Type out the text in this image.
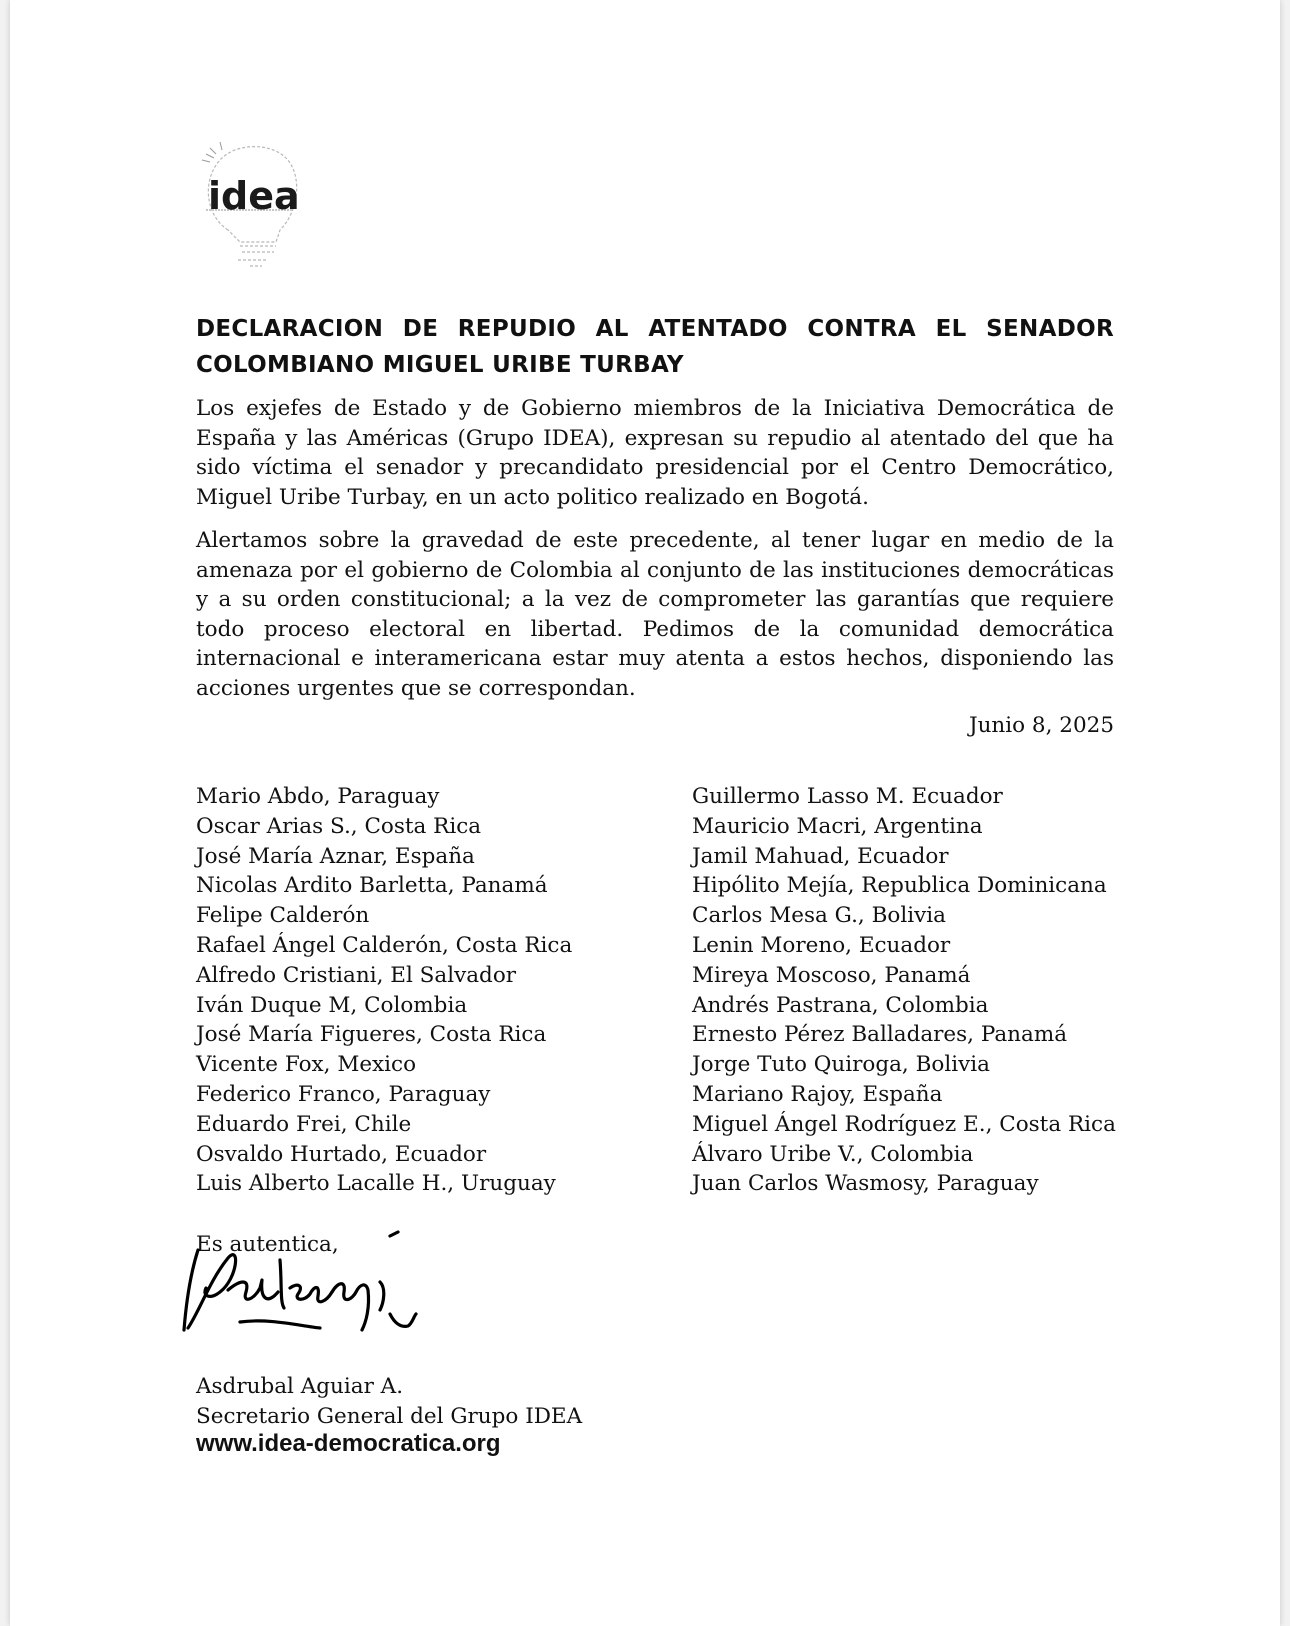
idea
DECLARACION DE REPUDIO AL ATENTADO CONTRA EL SENADOR
COLOMBIANO MIGUEL URIBE TURBAY

Los exjefes de Estado y de Gobierno miembros de la Iniciativa Democrática de España y las Américas (Grupo IDEA), expresan su repudio al atentado del que ha sido víctima el senador y precandidato presidencial por el Centro Democrático, Miguel Uribe Turbay, en un acto politico realizado en Bogotá.

Alertamos sobre la gravedad de este precedente, al tener lugar en medio de la amenaza por el gobierno de Colombia al conjunto de las instituciones democráticas y a su orden constitucional; a la vez de comprometer las garantías que requiere todo proceso electoral en libertad. Pedimos de la comunidad democrática internacional e interamericana estar muy atenta a estos hechos, disponiendo las acciones urgentes que se correspondan.

Junio 8, 2025
Mario Abdo, Paraguay
Oscar Arias S., Costa Rica
José María Aznar, España
Nicolas Ardito Barletta, Panamá
Felipe Calderón
Rafael Ángel Calderón, Costa Rica
Alfredo Cristiani, El Salvador
Iván Duque M, Colombia
José María Figueres, Costa Rica
Vicente Fox, Mexico
Federico Franco, Paraguay
Eduardo Frei, Chile
Osvaldo Hurtado, Ecuador
Luis Alberto Lacalle H., Uruguay
Guillermo Lasso M. Ecuador
Mauricio Macri, Argentina
Jamil Mahuad, Ecuador
Hipólito Mejía, Republica Dominicana
Carlos Mesa G., Bolivia
Lenin Moreno, Ecuador
Mireya Moscoso, Panamá
Andrés Pastrana, Colombia
Ernesto Pérez Balladares, Panamá
Jorge Tuto Quiroga, Bolivia
Mariano Rajoy, España
Miguel Ángel Rodríguez E., Costa Rica
Álvaro Uribe V., Colombia
Juan Carlos Wasmosy, Paraguay
Es autentica,
Asdrubal Aguiar A.
Secretario General del Grupo IDEA
www.idea-democratica.org
